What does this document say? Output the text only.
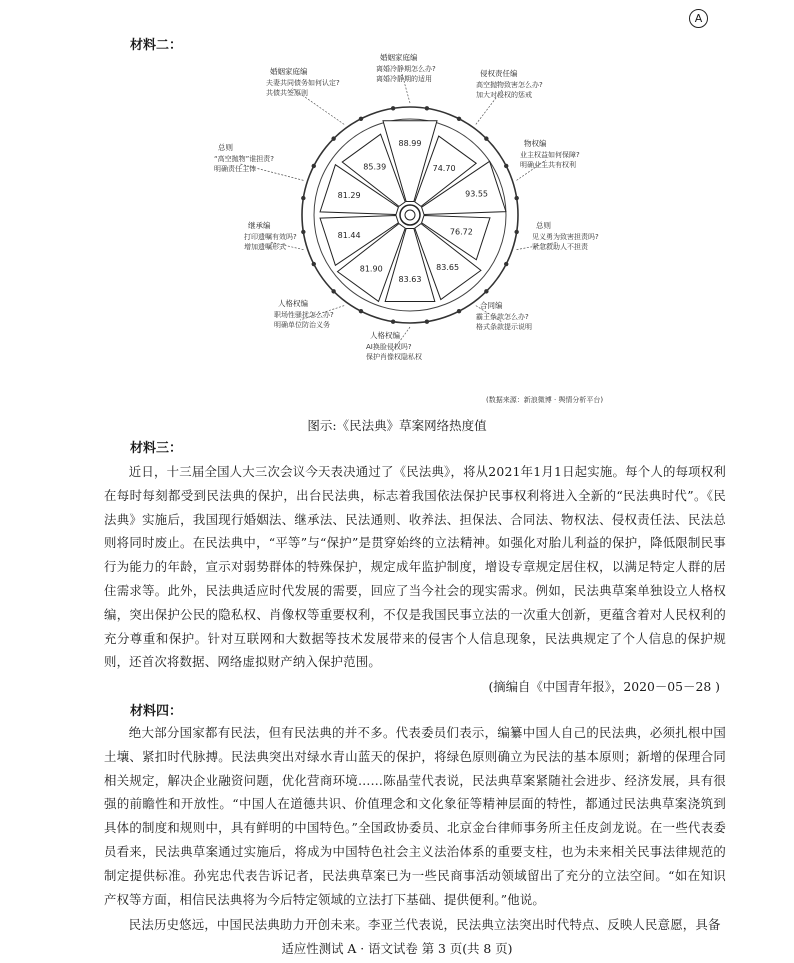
A
材料二：
88.99
74.70
93.55
76.72
83.65
83.63
81.90
81.44
81.29
85.39
婚姻家庭编
离婚冷静期怎么办?
离婚冷静期的适用
侵权责任编
高空抛物致害怎么办?
加大对侵权的惩戒
物权编
业主权益如何保障?
明确业主共有权利
总则
见义勇为致害担责吗?
紧急救助人不担责
合同编
霸王条款怎么办?
格式条款提示说明
人格权编
AI换脸侵权吗?
保护肖像权隐私权
人格权编
职场性骚扰怎么办?
明确单位防治义务
继承编
打印遗嘱有效吗?
增加遗嘱形式
总则
“高空抛物”谁担责?
明确责任主体
婚姻家庭编
夫妻共同债务如何认定?
共债共签原则
(数据来源：新浪微博 · 舆情分析平台)
图示:《民法典》草案网络热度值
材料三：

近日，十三届全国人大三次会议今天表决通过了《民法典》，将从2021年1月1日起实施。每个人的每项权利在每时每刻都受到民法典的保护，出台民法典，标志着我国依法保护民事权利将进入全新的“民法典时代”。《民法典》实施后，我国现行婚姻法、继承法、民法通则、收养法、担保法、合同法、物权法、侵权责任法、民法总则将同时废止。在民法典中，“平等”与“保护”是贯穿始终的立法精神。如强化对胎儿利益的保护，降低限制民事行为能力的年龄，宣示对弱势群体的特殊保护，规定成年监护制度，增设专章规定居住权，以满足特定人群的居住需求等。此外，民法典适应时代发展的需要，回应了当今社会的现实需求。例如，民法典草案单独设立人格权编，突出保护公民的隐私权、肖像权等重要权利，不仅是我国民事立法的一次重大创新，更蕴含着对人民权利的充分尊重和保护。针对互联网和大数据等技术发展带来的侵害个人信息现象，民法典规定了个人信息的保护规则，还首次将数据、网络虚拟财产纳入保护范围。

(摘编自《中国青年报》，2020－05－28 )
材料四：

绝大部分国家都有民法，但有民法典的并不多。代表委员们表示，编纂中国人自己的民法典，必须扎根中国土壤、紧扣时代脉搏。民法典突出对绿水青山蓝天的保护，将绿色原则确立为民法的基本原则；新增的保理合同相关规定，解决企业融资问题，优化营商环境……陈晶莹代表说，民法典草案紧随社会进步、经济发展，具有很强的前瞻性和开放性。“中国人在道德共识、价值理念和文化象征等精神层面的特性，都通过民法典草案浇筑到具体的制度和规则中，具有鲜明的中国特色。”全国政协委员、北京金台律师事务所主任皮剑龙说。在一些代表委员看来，民法典草案通过实施后，将成为中国特色社会主义法治体系的重要支柱，也为未来相关民事法律规范的制定提供标准。孙宪忠代表告诉记者，民法典草案已为一些民商事活动领域留出了充分的立法空间。“如在知识产权等方面，相信民法典将为今后特定领域的立法打下基础、提供便利。”他说。

民法历史悠远，中国民法典助力开创未来。李亚兰代表说，民法典立法突出时代特点、反映人民意愿，具备

适应性测试 A · 语文试卷 第 3 页(共 8 页)
